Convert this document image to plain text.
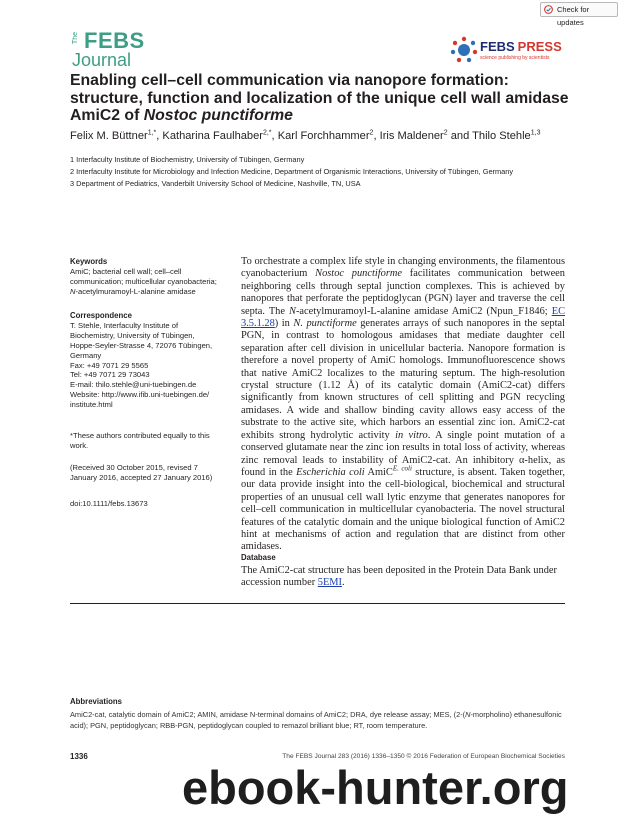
Check for updates
The FEBS
Journal
FEBS PRESS
science publishing by scientists
Enabling cell–cell communication via nanopore formation: structure, function and localization of the unique cell wall amidase AmiC2 of Nostoc punctiforme
Felix M. Büttner$^{1,*}$, Katharina Faulhaber$^{2,*}$, Karl Forchhammer$^2$, Iris Maldener$^2$ and Thilo Stehle$^{1,3}$
1 Interfaculty Institute of Biochemistry, University of Tübingen, Germany
2 Interfaculty Institute for Microbiology and Infection Medicine, Department of Organismic Interactions, University of Tübingen, Germany
3 Department of Pediatrics, Vanderbilt University School of Medicine, Nashville, TN, USA

Keywords

AmiC; bacterial cell wall; cell–cell communication; multicellular cyanobacteria; N-acetylmuramoyl-L-alanine amidase

Correspondence

T. Stehle, Interfaculty Institute of

Biochemistry, University of Tübingen,

Hoppe-Seyler-Strasse 4, 72076 Tübingen,

Germany

Fax: +49 7071 29 5565

Tel: +49 7071 29 73043

E-mail: thilo.stehle@uni-tuebingen.de

Website: http://www.ifib.uni-tuebingen.de/

institute.html

*These authors contributed equally to this work.
(Received 30 October 2015, revised 7 January 2016, accepted 27 January 2016)
doi:10.1111/febs.13673
To orchestrate a complex life style in changing environments, the filamentous cyanobacterium Nostoc punctiforme facilitates communication between neighboring cells through septal junction complexes. This is achieved by nanopores that perforate the peptidoglycan (PGN) layer and traverse the cell septa. The N-acetylmuramoyl-L-alanine amidase AmiC2 (Npun_F1846; EC 3.5.1.28) in N. punctiforme generates arrays of such nanopores in the septal PGN, in contrast to homologous amidases that mediate daughter cell separation after cell division in unicellular bacteria. Nanopore formation is therefore a novel property of AmiC homologs. Immunofluorescence shows that native AmiC2 localizes to the maturing septum. The high-resolution crystal structure (1.12 Å) of its catalytic domain (AmiC2-cat) differs significantly from known structures of cell splitting and PGN recycling amidases. A wide and shallow binding cavity allows easy access of the substrate to the active site, which harbors an essential zinc ion. AmiC2-cat exhibits strong hydrolytic activity in vitro. A single point mutation of a conserved glutamate near the zinc ion results in total loss of activity, whereas zinc removal leads to instability of AmiC2-cat. An inhibitory α-helix, as found in the Escherichia coli AmiC$^{E. coli}$ structure, is absent. Taken together, our data provide insight into the cell-biological, biochemical and structural properties of an unusual cell wall lytic enzyme that generates nanopores for cell–cell communication in multicellular cyanobacteria. The novel structural features of the catalytic domain and the unique biological function of AmiC2 hint at mechanisms of action and regulation that are distinct from other amidases.
Database
The AmiC2-cat structure has been deposited in the Protein Data Bank under accession number 5EMI.
Abbreviations
AmiC2-cat, catalytic domain of AmiC2; AMIN, amidase N-terminal domains of AmiC2; DRA, dye release assay; MES, (2-(N-morpholino) ethanesulfonic acid); PGN, peptidoglycan; RBB-PGN, peptidoglycan coupled to remazol brilliant blue; RT, room temperature.
1336	The FEBS Journal 283 (2016) 1336–1350 © 2016 Federation of European Biochemical Societies
ebook-hunter.org
